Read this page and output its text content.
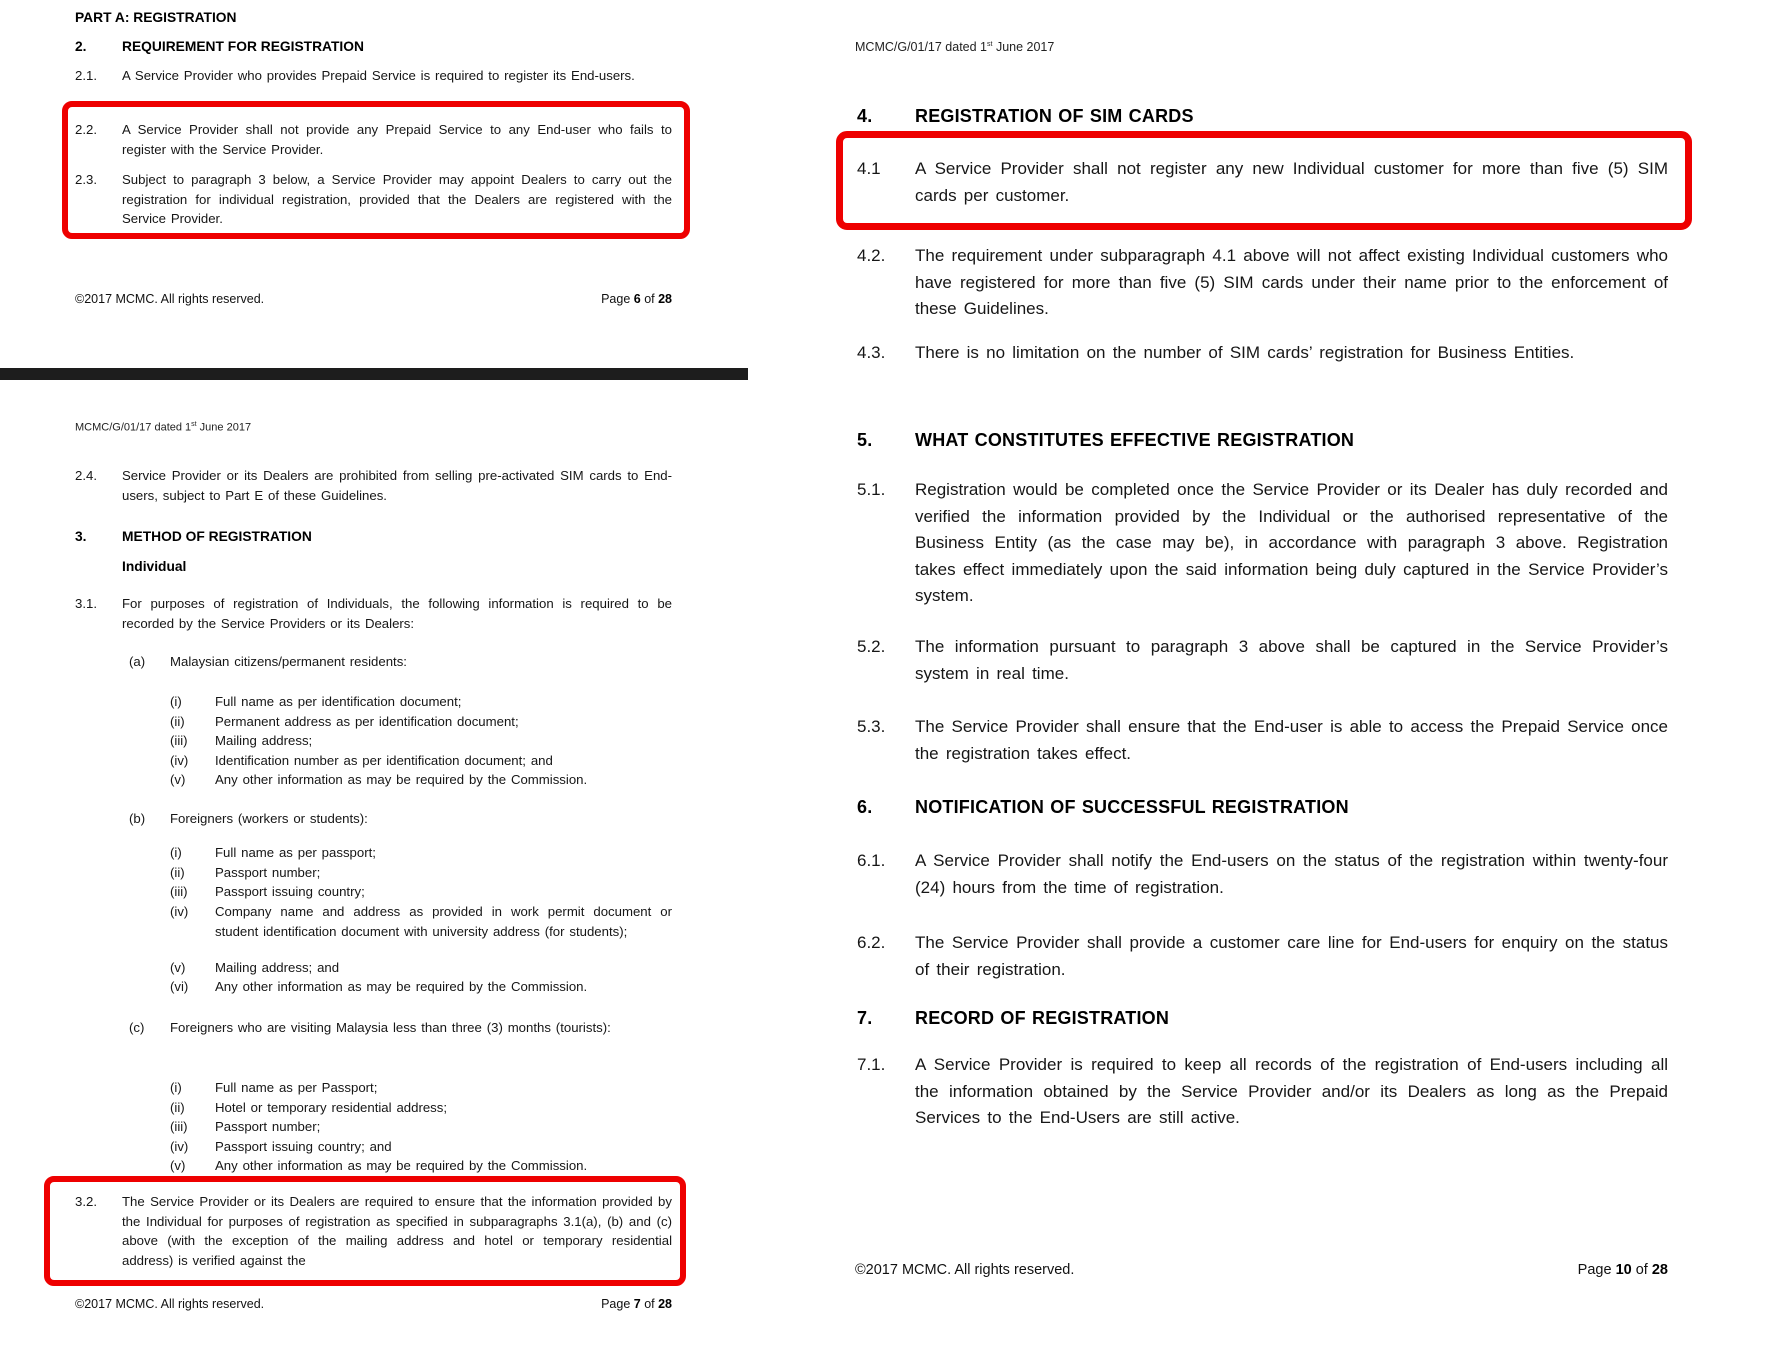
PART A: REGISTRATION
2.	REQUIREMENT FOR REGISTRATION
2.1.	A Service Provider who provides Prepaid Service is required to register its End-users.
2.2.	A Service Provider shall not provide any Prepaid Service to any End-user who fails to register with the Service Provider.
2.3.	Subject to paragraph 3 below, a Service Provider may appoint Dealers to carry out the registration for individual registration, provided that the Dealers are registered with the Service Provider.
©2017 MCMC. All rights reserved.	Page 6 of 28
MCMC/G/01/17 dated 1st June 2017
2.4.	Service Provider or its Dealers are prohibited from selling pre-activated SIM cards to End-users, subject to Part E of these Guidelines.
3.	METHOD OF REGISTRATION
Individual
3.1.	For purposes of registration of Individuals, the following information is required to be recorded by the Service Providers or its Dealers:
(a)	Malaysian citizens/permanent residents:
(i)	Full name as per identification document;
(ii)	Permanent address as per identification document;
(iii)	Mailing address;
(iv)	Identification number as per identification document; and
(v)	Any other information as may be required by the Commission.
(b)	Foreigners (workers or students):
(i)	Full name as per passport;
(ii)	Passport number;
(iii)	Passport issuing country;
(iv)	Company name and address as provided in work permit document or student identification document with university address (for students);
(v)	Mailing address; and
(vi)	Any other information as may be required by the Commission.
(c)	Foreigners who are visiting Malaysia less than three (3) months (tourists):
(i)	Full name as per Passport;
(ii)	Hotel or temporary residential address;
(iii)	Passport number;
(iv)	Passport issuing country; and
(v)	Any other information as may be required by the Commission.
3.2.	The Service Provider or its Dealers are required to ensure that the information provided by the Individual for purposes of registration as specified in subparagraphs 3.1(a), (b) and (c) above (with the exception of the mailing address and hotel or temporary residential address) is verified against the
©2017 MCMC. All rights reserved.	Page 7 of 28
MCMC/G/01/17 dated 1st June 2017
4.	REGISTRATION OF SIM CARDS
4.1	A Service Provider shall not register any new Individual customer for more than five (5) SIM cards per customer.
4.2.	The requirement under subparagraph 4.1 above will not affect existing Individual customers who have registered for more than five (5) SIM cards under their name prior to the enforcement of these Guidelines.
4.3.	There is no limitation on the number of SIM cards’ registration for Business Entities.
5.	WHAT CONSTITUTES EFFECTIVE REGISTRATION
5.1.	Registration would be completed once the Service Provider or its Dealer has duly recorded and verified the information provided by the Individual or the authorised representative of the Business Entity (as the case may be), in accordance with paragraph 3 above. Registration takes effect immediately upon the said information being duly captured in the Service Provider’s system.
5.2.	The information pursuant to paragraph 3 above shall be captured in the Service Provider’s system in real time.
5.3.	The Service Provider shall ensure that the End-user is able to access the Prepaid Service once the registration takes effect.
6.	NOTIFICATION OF SUCCESSFUL REGISTRATION
6.1.	A Service Provider shall notify the End-users on the status of the registration within twenty-four (24) hours from the time of registration.
6.2.	The Service Provider shall provide a customer care line for End-users for enquiry on the status of their registration.
7.	RECORD OF REGISTRATION
7.1.	A Service Provider is required to keep all records of the registration of End-users including all the information obtained by the Service Provider and/or its Dealers as long as the Prepaid Services to the End-Users are still active.
©2017 MCMC. All rights reserved.	Page 10 of 28
